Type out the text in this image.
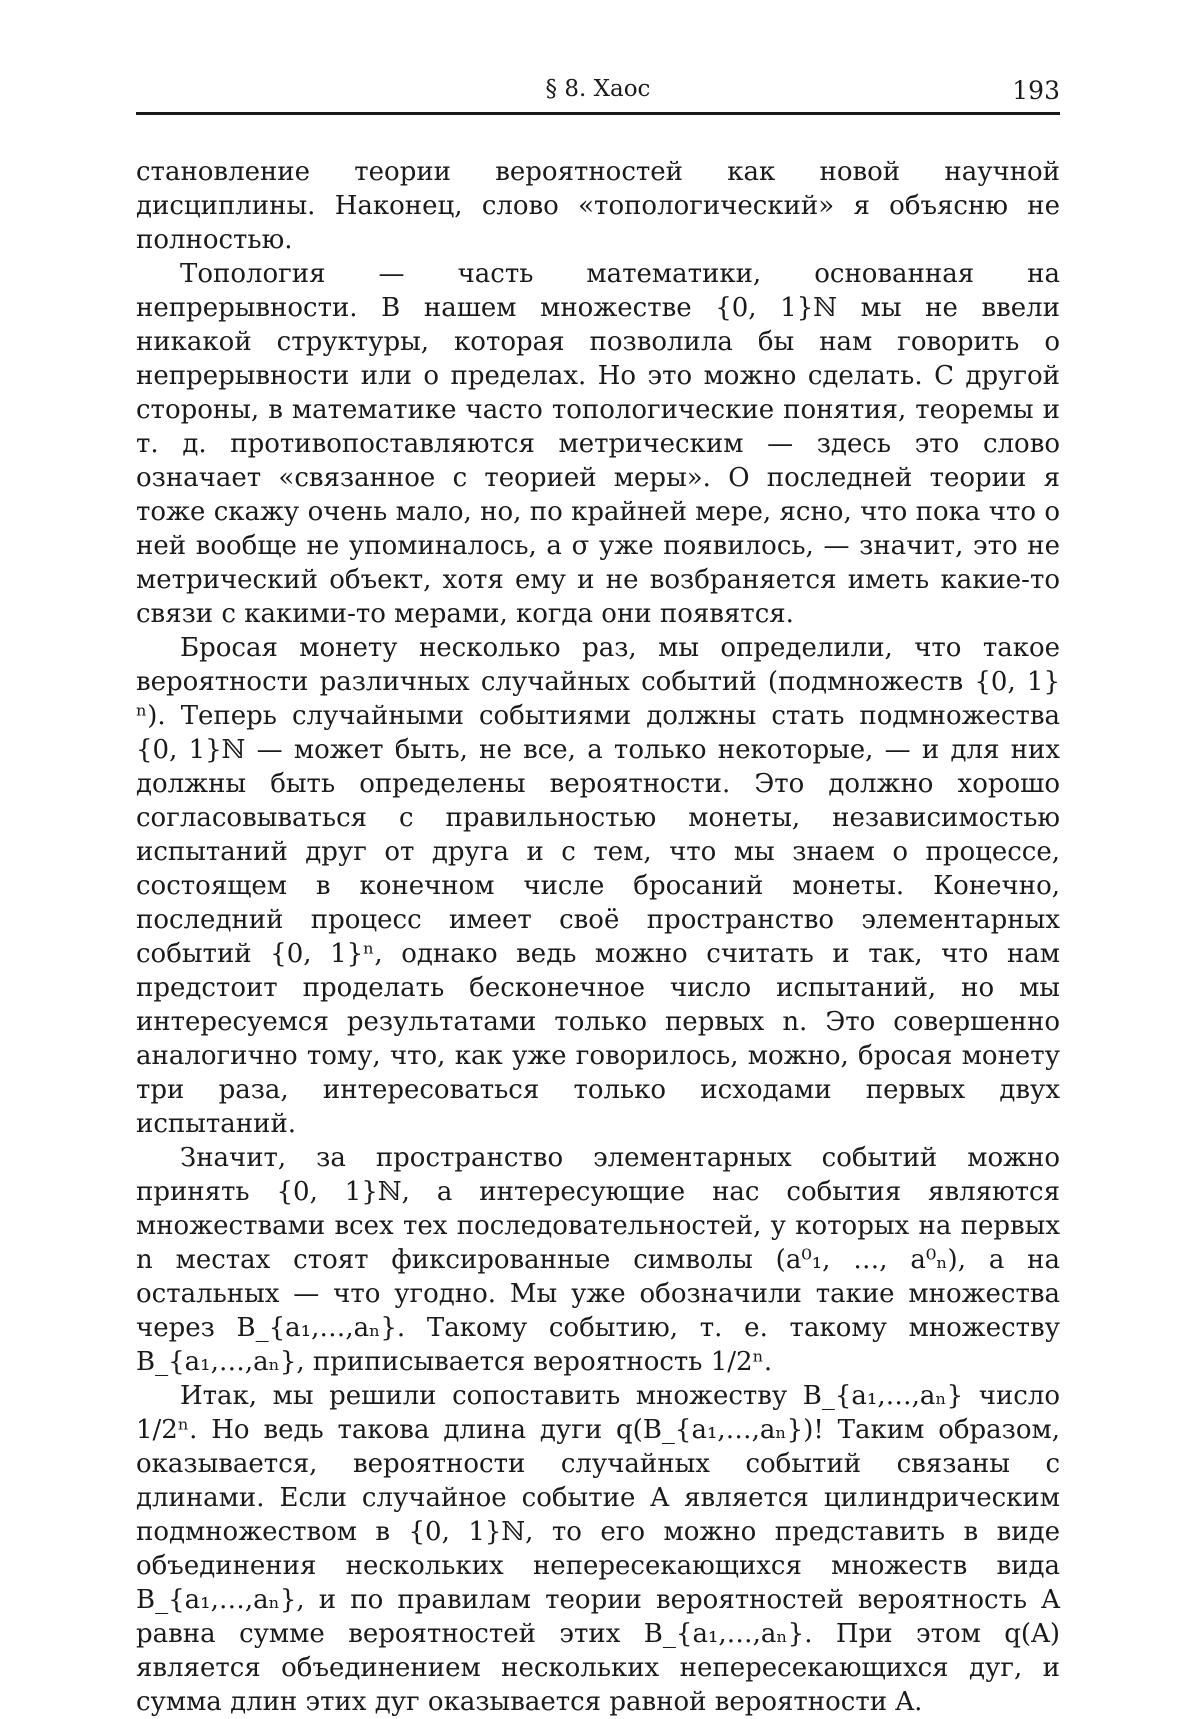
§ 8. Хаос	193

становление теории вероятностей как новой научной дисциплины. Наконец, слово «топологический» я объясню не полностью.

Топология — часть математики, основанная на непрерывности. В нашем множестве {0, 1}ℕ мы не ввели никакой структуры, которая позволила бы нам говорить о непрерывности или о пределах. Но это можно сделать. С другой стороны, в математике часто топологические понятия, теоремы и т. д. противопоставляются метрическим — здесь это слово означает «связанное с теорией меры». О последней теории я тоже скажу очень мало, но, по крайней мере, ясно, что пока что о ней вообще не упоминалось, а σ уже появилось, — значит, это не метрический объект, хотя ему и не возбраняется иметь какие-то связи с какими-то мерами, когда они появятся.

Бросая монету несколько раз, мы определили, что такое вероятности различных случайных событий (подмножеств {0, 1}ⁿ). Теперь случайными событиями должны стать подмножества {0, 1}ℕ — может быть, не все, а только некоторые, — и для них должны быть определены вероятности. Это должно хорошо согласовываться с правильностью монеты, независимостью испытаний друг от друга и с тем, что мы знаем о процессе, состоящем в конечном числе бросаний монеты. Конечно, последний процесс имеет своё пространство элементарных событий {0, 1}ⁿ, однако ведь можно считать и так, что нам предстоит проделать бесконечное число испытаний, но мы интересуемся результатами только первых n. Это совершенно аналогично тому, что, как уже говорилось, можно, бросая монету три раза, интересоваться только исходами первых двух испытаний.

Значит, за пространство элементарных событий можно принять {0, 1}ℕ, а интересующие нас события являются множествами всех тех последовательностей, у которых на первых n местах стоят фиксированные символы (a⁰₁, …, a⁰ₙ), а на остальных — что угодно. Мы уже обозначили такие множества через B_{a₁,…,aₙ}. Такому событию, т. е. такому множеству B_{a₁,…,aₙ}, приписывается вероятность 1/2ⁿ.

Итак, мы решили сопоставить множеству B_{a₁,…,aₙ} число 1/2ⁿ. Но ведь такова длина дуги q(B_{a₁,…,aₙ})! Таким образом, оказывается, вероятности случайных событий связаны с длинами. Если случайное событие A является цилиндрическим подмножеством в {0, 1}ℕ, то его можно представить в виде объединения нескольких непересекающихся множеств вида B_{a₁,…,aₙ}, и по правилам теории вероятностей вероятность A равна сумме вероятностей этих B_{a₁,…,aₙ}. При этом q(A) является объединением нескольких непересекающихся дуг, и сумма длин этих дуг оказывается равной вероятности A.
